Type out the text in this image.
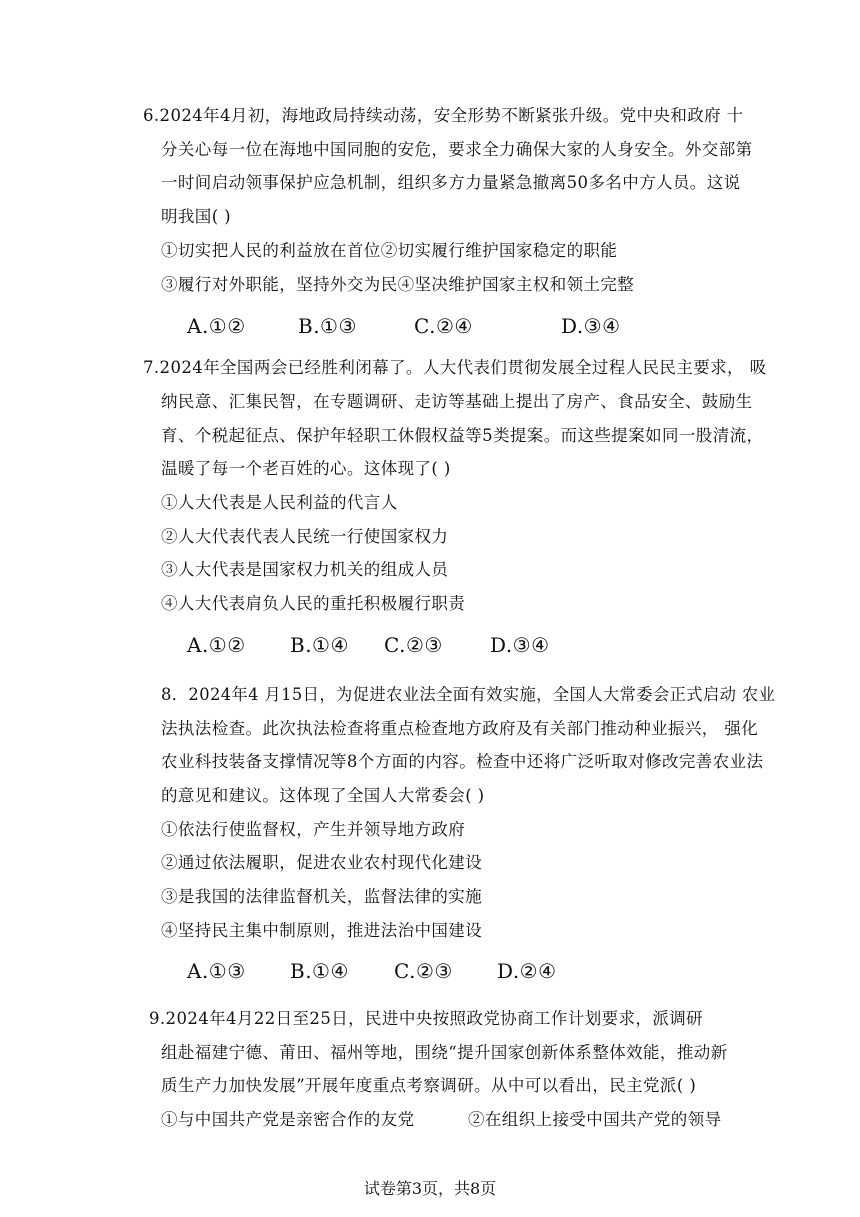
6.2024年4月初，海地政局持续动荡，安全形势不断紧张升级。党中央和政府 十
分关心每一位在海地中国同胞的安危，要求全力确保大家的人身安全。外交部第
一时间启动领事保护应急机制，组织多方力量紧急撤离50多名中方人员。这说
明我国( )
①切实把人民的利益放在首位②切实履行维护国家稳定的职能
③履行对外职能，坚持外交为民④坚决维护国家主权和领土完整
A.①②	B.①③	C.②④	D.③④
7.2024年全国两会已经胜利闭幕了。人大代表们贯彻发展全过程人民民主要求， 吸
纳民意、汇集民智，在专题调研、走访等基础上提出了房产、食品安全、鼓励生
育、个税起征点、保护年轻职工休假权益等5类提案。而这些提案如同一股清流，
温暖了每一个老百姓的心。这体现了( )
①人大代表是人民利益的代言人
②人大代表代表人民统一行使国家权力
③人大代表是国家权力机关的组成人员
④人大代表肩负人民的重托积极履行职责
A.①② B.①④ C.②③ D.③④
8．2024年4 月15日，为促进农业法全面有效实施，全国人大常委会正式启动 农业
法执法检查。此次执法检查将重点检查地方政府及有关部门推动种业振兴， 强化
农业科技装备支撑情况等8个方面的内容。检查中还将广泛听取对修改完善农业法
的意见和建议。这体现了全国人大常委会( )
①依法行使监督权，产生并领导地方政府
②通过依法履职，促进农业农村现代化建设
③是我国的法律监督机关，监督法律的实施
④坚持民主集中制原则，推进法治中国建设
A.①③ B.①④ C.②③ D.②④
9.2024年4月22日至25日，民进中央按照政党协商工作计划要求，派调研
组赴福建宁德、莆田、福州等地，围绕“提升国家创新体系整体效能，推动新
质生产力加快发展”开展年度重点考察调研。从中可以看出，民主党派( )
①与中国共产党是亲密合作的友党	②在组织上接受中国共产党的领导
试卷第3页，共8页
